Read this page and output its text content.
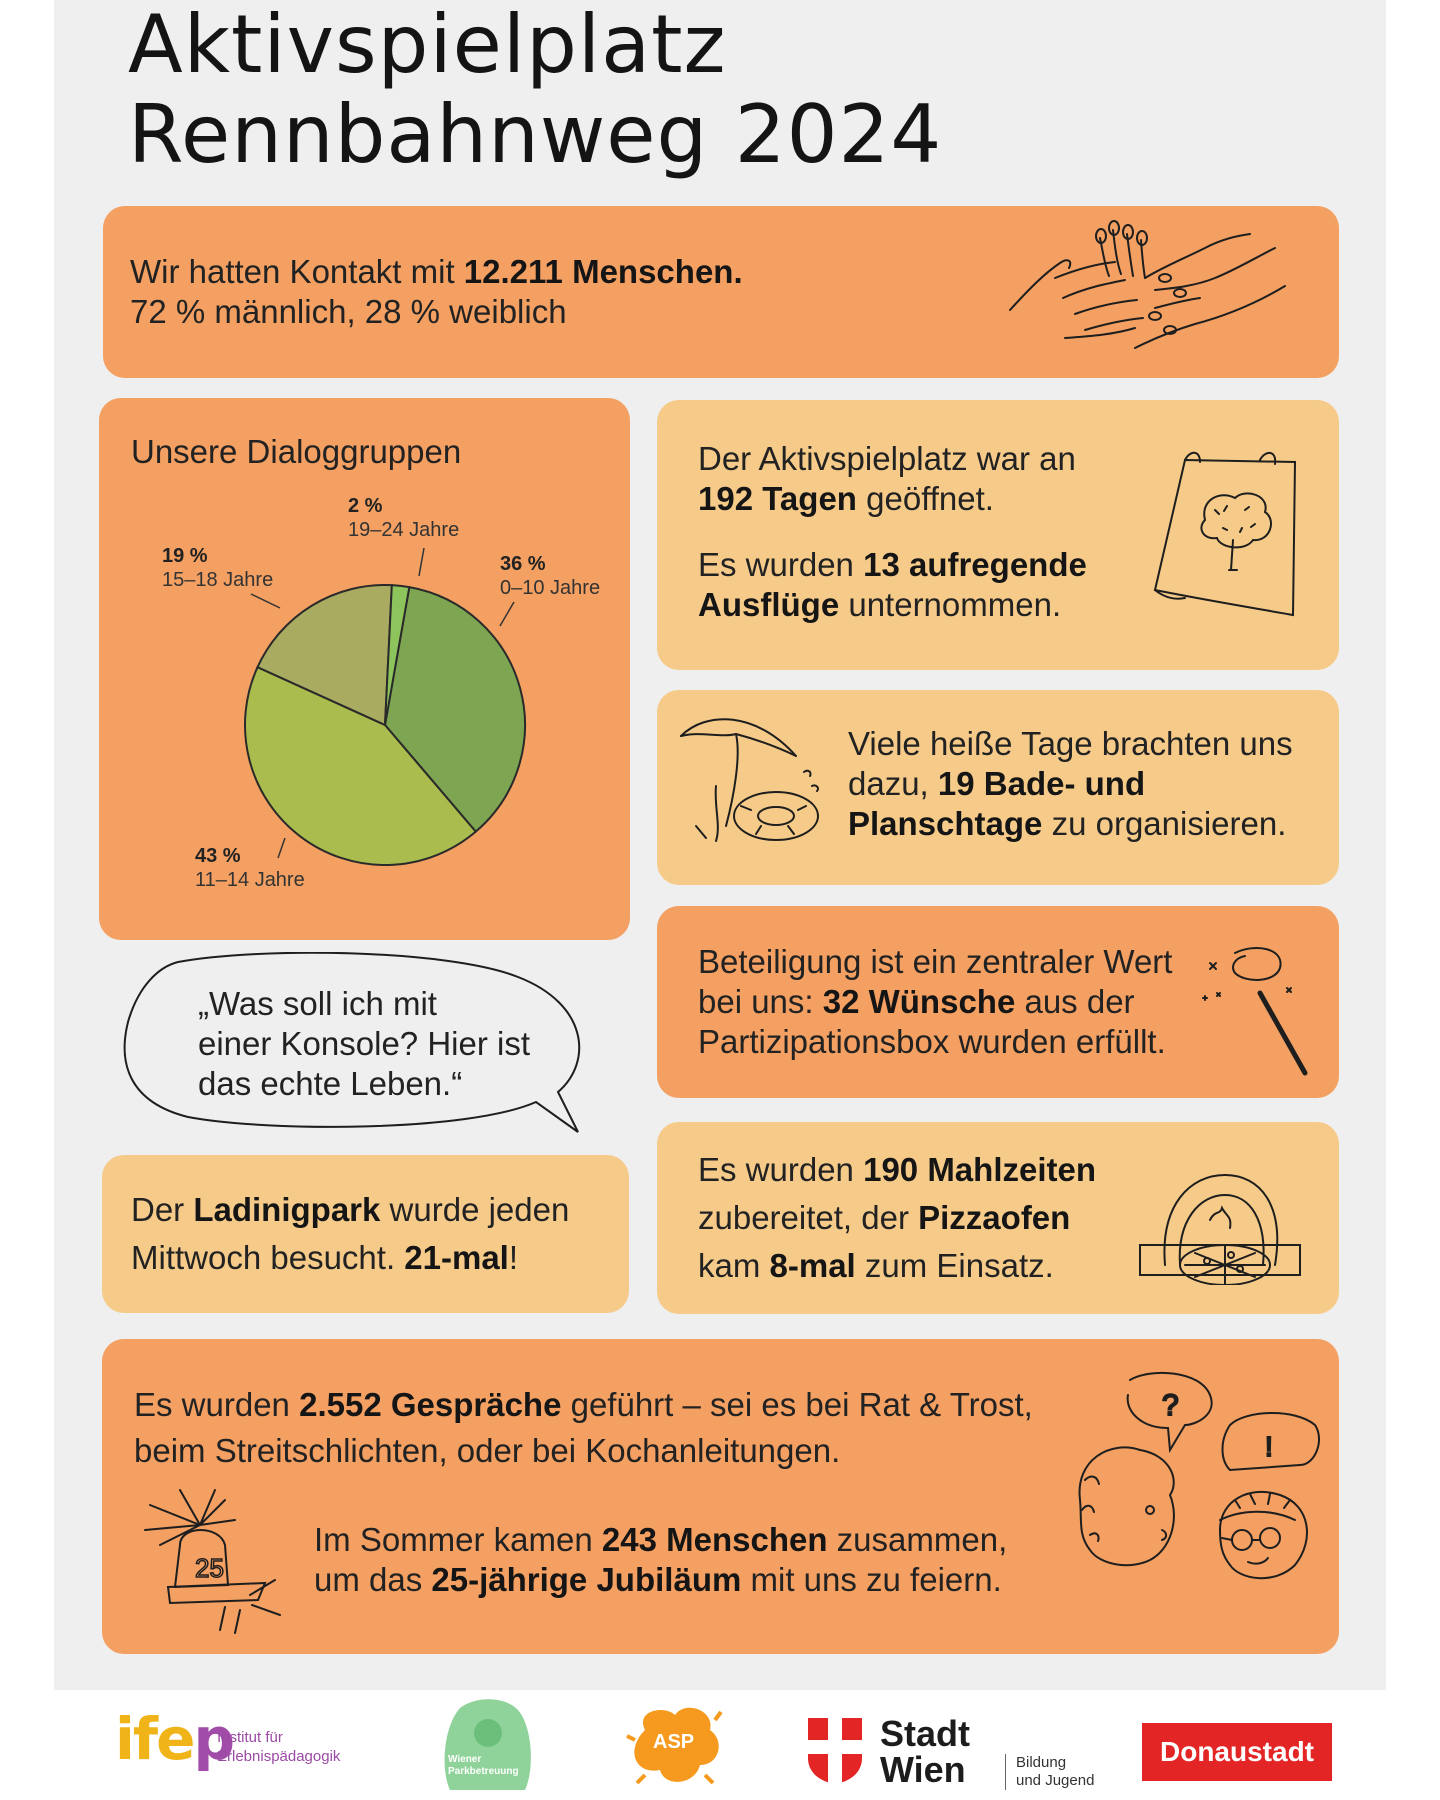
Aktivspielplatz
Rennbahnweg 2024
Wir hatten Kontakt mit 12.211 Menschen.
72 % männlich, 28 % weiblich
Unsere Dialoggruppen
2 %
19–24 Jahre
36 %
0–10 Jahre
19 %
15–18 Jahre
43 %
11–14 Jahre
Der Aktivspielplatz war an
192 Tagen geöffnet.
Es wurden 13 aufregende
Ausflüge unternommen.
Viele heiße Tage brachten uns
dazu, 19 Bade- und
Planschtage zu organisieren.
Beteiligung ist ein zentraler Wert
bei uns: 32 Wünsche aus der
Partizipationsbox wurden erfüllt.
„Was soll ich mit
einer Konsole? Hier ist
das echte Leben.“
Der Ladinigpark wurde jeden
Mittwoch besucht. 21-mal!
Es wurden 190 Mahlzeiten
zubereitet, der Pizzaofen
kam 8-mal zum Einsatz.
Es wurden 2.552 Gespräche geführt – sei es bei Rat & Trost,
beim Streitschlichten, oder bei Kochanleitungen.
Im Sommer kamen 243 Menschen zusammen,
um das 25-jährige Jubiläum mit uns zu feiern.
25
?
!
ifep
Institut für
Erlebnispädagogik	Wiener
Parkbetreuung
ASP	Stadt
Wien	Bildung
und Jugend
Donaustadt
